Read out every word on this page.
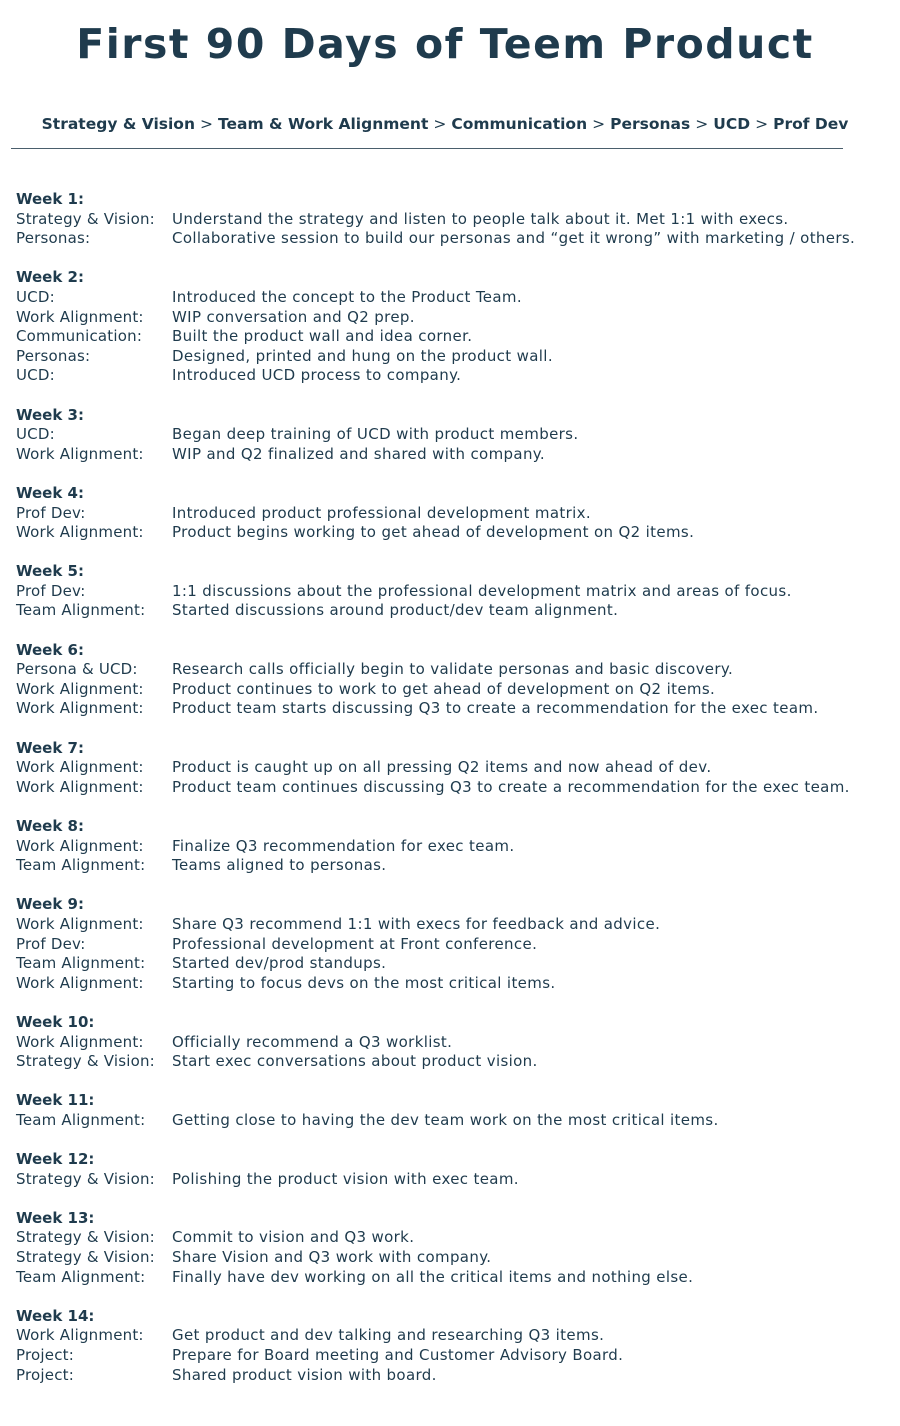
First 90 Days of Teem Product
Strategy & Vision > Team & Work Alignment > Communication > Personas > UCD > Prof Dev
Week 1:
Strategy & Vision:	Understand the strategy and listen to people talk about it. Met 1:1 with execs.
Personas:	Collaborative session to build our personas and “get it wrong” with marketing / others.
Week 2:
UCD:	Introduced the concept to the Product Team.
Work Alignment:	WIP conversation and Q2 prep.
Communication:	Built the product wall and idea corner.
Personas:	Designed, printed and hung on the product wall.
UCD:	Introduced UCD process to company.
Week 3:
UCD:	Began deep training of UCD with product members.
Work Alignment:	WIP and Q2 finalized and shared with company.
Week 4:
Prof Dev:	Introduced product professional development matrix.
Work Alignment:	Product begins working to get ahead of development on Q2 items.
Week 5:
Prof Dev:	1:1 discussions about the professional development matrix and areas of focus.
Team Alignment:	Started discussions around product/dev team alignment.
Week 6:
Persona & UCD:	Research calls officially begin to validate personas and basic discovery.
Work Alignment:	Product continues to work to get ahead of development on Q2 items.
Work Alignment:	Product team starts discussing Q3 to create a recommendation for the exec team.
Week 7:
Work Alignment:	Product is caught up on all pressing Q2 items and now ahead of dev.
Work Alignment:	Product team continues discussing Q3 to create a recommendation for the exec team.
Week 8:
Work Alignment:	Finalize Q3 recommendation for exec team.
Team Alignment:	Teams aligned to personas.
Week 9:
Work Alignment:	Share Q3 recommend 1:1 with execs for feedback and advice.
Prof Dev:	Professional development at Front conference.
Team Alignment:	Started dev/prod standups.
Work Alignment:	Starting to focus devs on the most critical items.
Week 10:
Work Alignment:	Officially recommend a Q3 worklist.
Strategy & Vision:	Start exec conversations about product vision.
Week 11:
Team Alignment:	Getting close to having the dev team work on the most critical items.
Week 12:
Strategy & Vision:	Polishing the product vision with exec team.
Week 13:
Strategy & Vision:	Commit to vision and Q3 work.
Strategy & Vision:	Share Vision and Q3 work with company.
Team Alignment:	Finally have dev working on all the critical items and nothing else.
Week 14:
Work Alignment:	Get product and dev talking and researching Q3 items.
Project:	Prepare for Board meeting and Customer Advisory Board.
Project:	Shared product vision with board.
